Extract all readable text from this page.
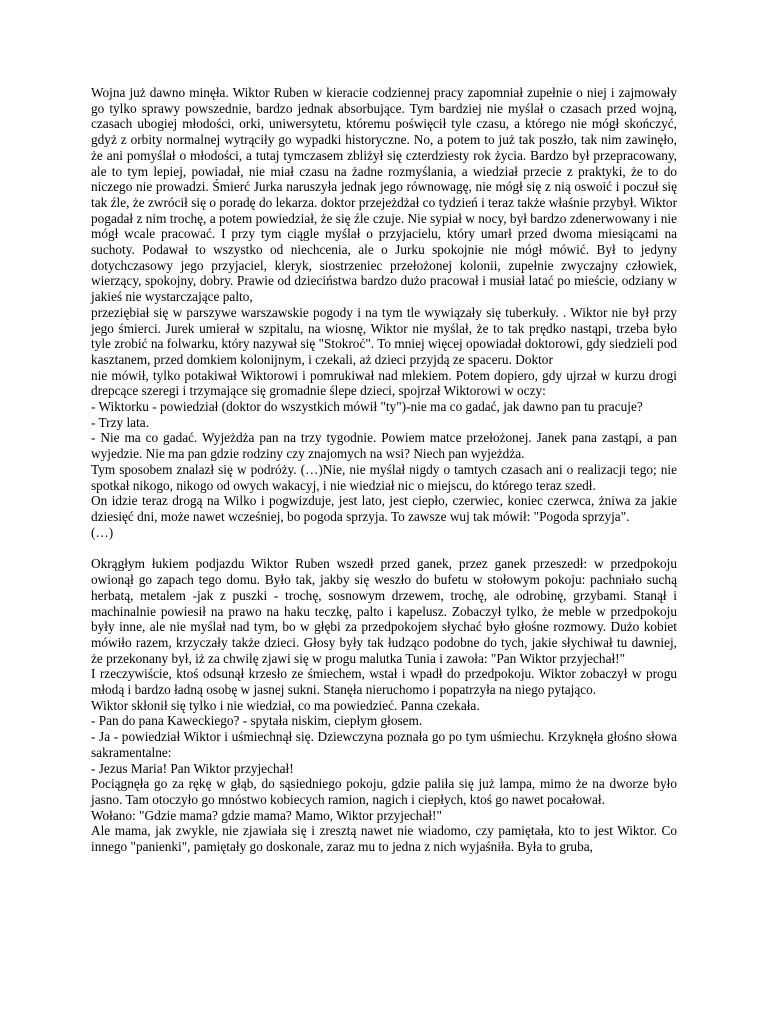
Wojna już dawno minęła. Wiktor Ruben w kieracie codziennej pracy zapomniał zupełnie o niej i zajmowały go tylko sprawy powszednie, bardzo jednak absorbujące. Tym bardziej nie myślał o czasach przed wojną, czasach ubogiej młodości, orki, uniwersytetu, któremu poświęcił tyle czasu, a którego nie mógł skończyć, gdyż z orbity normalnej wytrąciły go wypadki historyczne. No, a potem to już tak poszło, tak nim zawinęło, że ani pomyślał o młodości, a tutaj tymczasem zbliżył się czterdziesty rok życia. Bardzo był przepracowany, ale to tym lepiej, powiadał, nie miał czasu na żadne rozmyślania, a wiedział przecie z praktyki, że to do niczego nie prowadzi. Śmierć Jurka naruszyła jednak jego równowagę, nie mógł się z nią oswoić i poczuł się tak źle, że zwrócił się o poradę do lekarza. doktor przejeżdżał co tydzień i teraz także właśnie przybył. Wiktor pogadał z nim trochę, a potem powiedział, że się źle czuje. Nie sypiał w nocy, był bardzo zdenerwowany i nie mógł wcale pracować. I przy tym ciągle myślał o przyjacielu, który umarł przed dwoma miesiącami na suchoty. Podawał to wszystko od niechcenia, ale o Jurku spokojnie nie mógł mówić. Był to jedyny dotychczasowy jego przyjaciel, kleryk, siostrzeniec przełożonej kolonii, zupełnie zwyczajny człowiek, wierzący, spokojny, dobry. Prawie od dzieciństwa bardzo dużo pracował i musiał latać po mieście, odziany w jakieś nie wystarczające palto,

przeziębiał się w parszywe warszawskie pogody i na tym tle wywiązały się tuberkuły. . Wiktor nie był przy jego śmierci. Jurek umierał w szpitalu, na wiosnę, Wiktor nie myślał, że to tak prędko nastąpi, trzeba było tyle zrobić na folwarku, który nazywał się "Stokroć". To mniej więcej opowiadał doktorowi, gdy siedzieli pod kasztanem, przed domkiem kolonijnym, i czekali, aż dzieci przyjdą ze spaceru. Doktor

nie mówił, tylko potakiwał Wiktorowi i pomrukiwał nad mlekiem. Potem dopiero, gdy ujrzał w kurzu drogi drepcące szeregi i trzymające się gromadnie ślepe dzieci, spojrzał Wiktorowi w oczy:

- Wiktorku - powiedział (doktor do wszystkich mówił "ty")-nie ma co gadać, jak dawno pan tu pracuje?

- Trzy lata.

- Nie ma co gadać. Wyjeżdża pan na trzy tygodnie. Powiem matce przełożonej. Janek pana zastąpi, a pan wyjedzie. Nie ma pan gdzie rodziny czy znajomych na wsi? Niech pan wyjeżdża.

Tym sposobem znalazł się w podróży. (…)Nie, nie myślał nigdy o tamtych czasach ani o realizacji tego; nie spotkał nikogo, nikogo od owych wakacyj, i nie wiedział nic o miejscu, do którego teraz szedł.

On idzie teraz drogą na Wilko i pogwizduje, jest lato, jest ciepło, czerwiec, koniec czerwca, żniwa za jakie dziesięć dni, może nawet wcześniej, bo pogoda sprzyja. To zawsze wuj tak mówił: "Pogoda sprzyja".

(…)

Okrągłym łukiem podjazdu Wiktor Ruben wszedł przed ganek, przez ganek przeszedł: w przedpokoju owionął go zapach tego domu. Było tak, jakby się weszło do bufetu w stołowym pokoju: pachniało suchą herbatą, metalem -jak z puszki - trochę, sosnowym drzewem, trochę, ale odrobinę, grzybami. Stanął i machinalnie powiesił na prawo na haku teczkę, palto i kapelusz. Zobaczył tylko, że meble w przedpokoju były inne, ale nie myślał nad tym, bo w głębi za przedpokojem słychać było głośne rozmowy. Dużo kobiet mówiło razem, krzyczały także dzieci. Głosy były tak łudząco podobne do tych, jakie słychiwał tu dawniej, że przekonany był, iż za chwilę zjawi się w progu malutka Tunia i zawoła: "Pan Wiktor przyjechał!"

I rzeczywiście, ktoś odsunął krzesło ze śmiechem, wstał i wpadł do przedpokoju. Wiktor zobaczył w progu młodą i bardzo ładną osobę w jasnej sukni. Stanęła nieruchomo i popatrzyła na niego pytająco.

Wiktor skłonił się tylko i nie wiedział, co ma powiedzieć. Panna czekała.

- Pan do pana Kaweckiego? - spytała niskim, ciepłym głosem.

- Ja - powiedział Wiktor i uśmiechnął się. Dziewczyna poznała go po tym uśmiechu. Krzyknęła głośno słowa sakramentalne:

- Jezus Maria! Pan Wiktor przyjechał!

Pociągnęła go za rękę w głąb, do sąsiedniego pokoju, gdzie paliła się już lampa, mimo że na dworze było jasno. Tam otoczyło go mnóstwo kobiecych ramion, nagich i ciepłych, ktoś go nawet pocałował.

Wołano: "Gdzie mama? gdzie mama? Mamo, Wiktor przyjechał!"

Ale mama, jak zwykle, nie zjawiała się i zresztą nawet nie wiadomo, czy pamiętała, kto to jest Wiktor. Co innego "panienki", pamiętały go doskonale, zaraz mu to jedna z nich wyjaśniła. Była to gruba,
